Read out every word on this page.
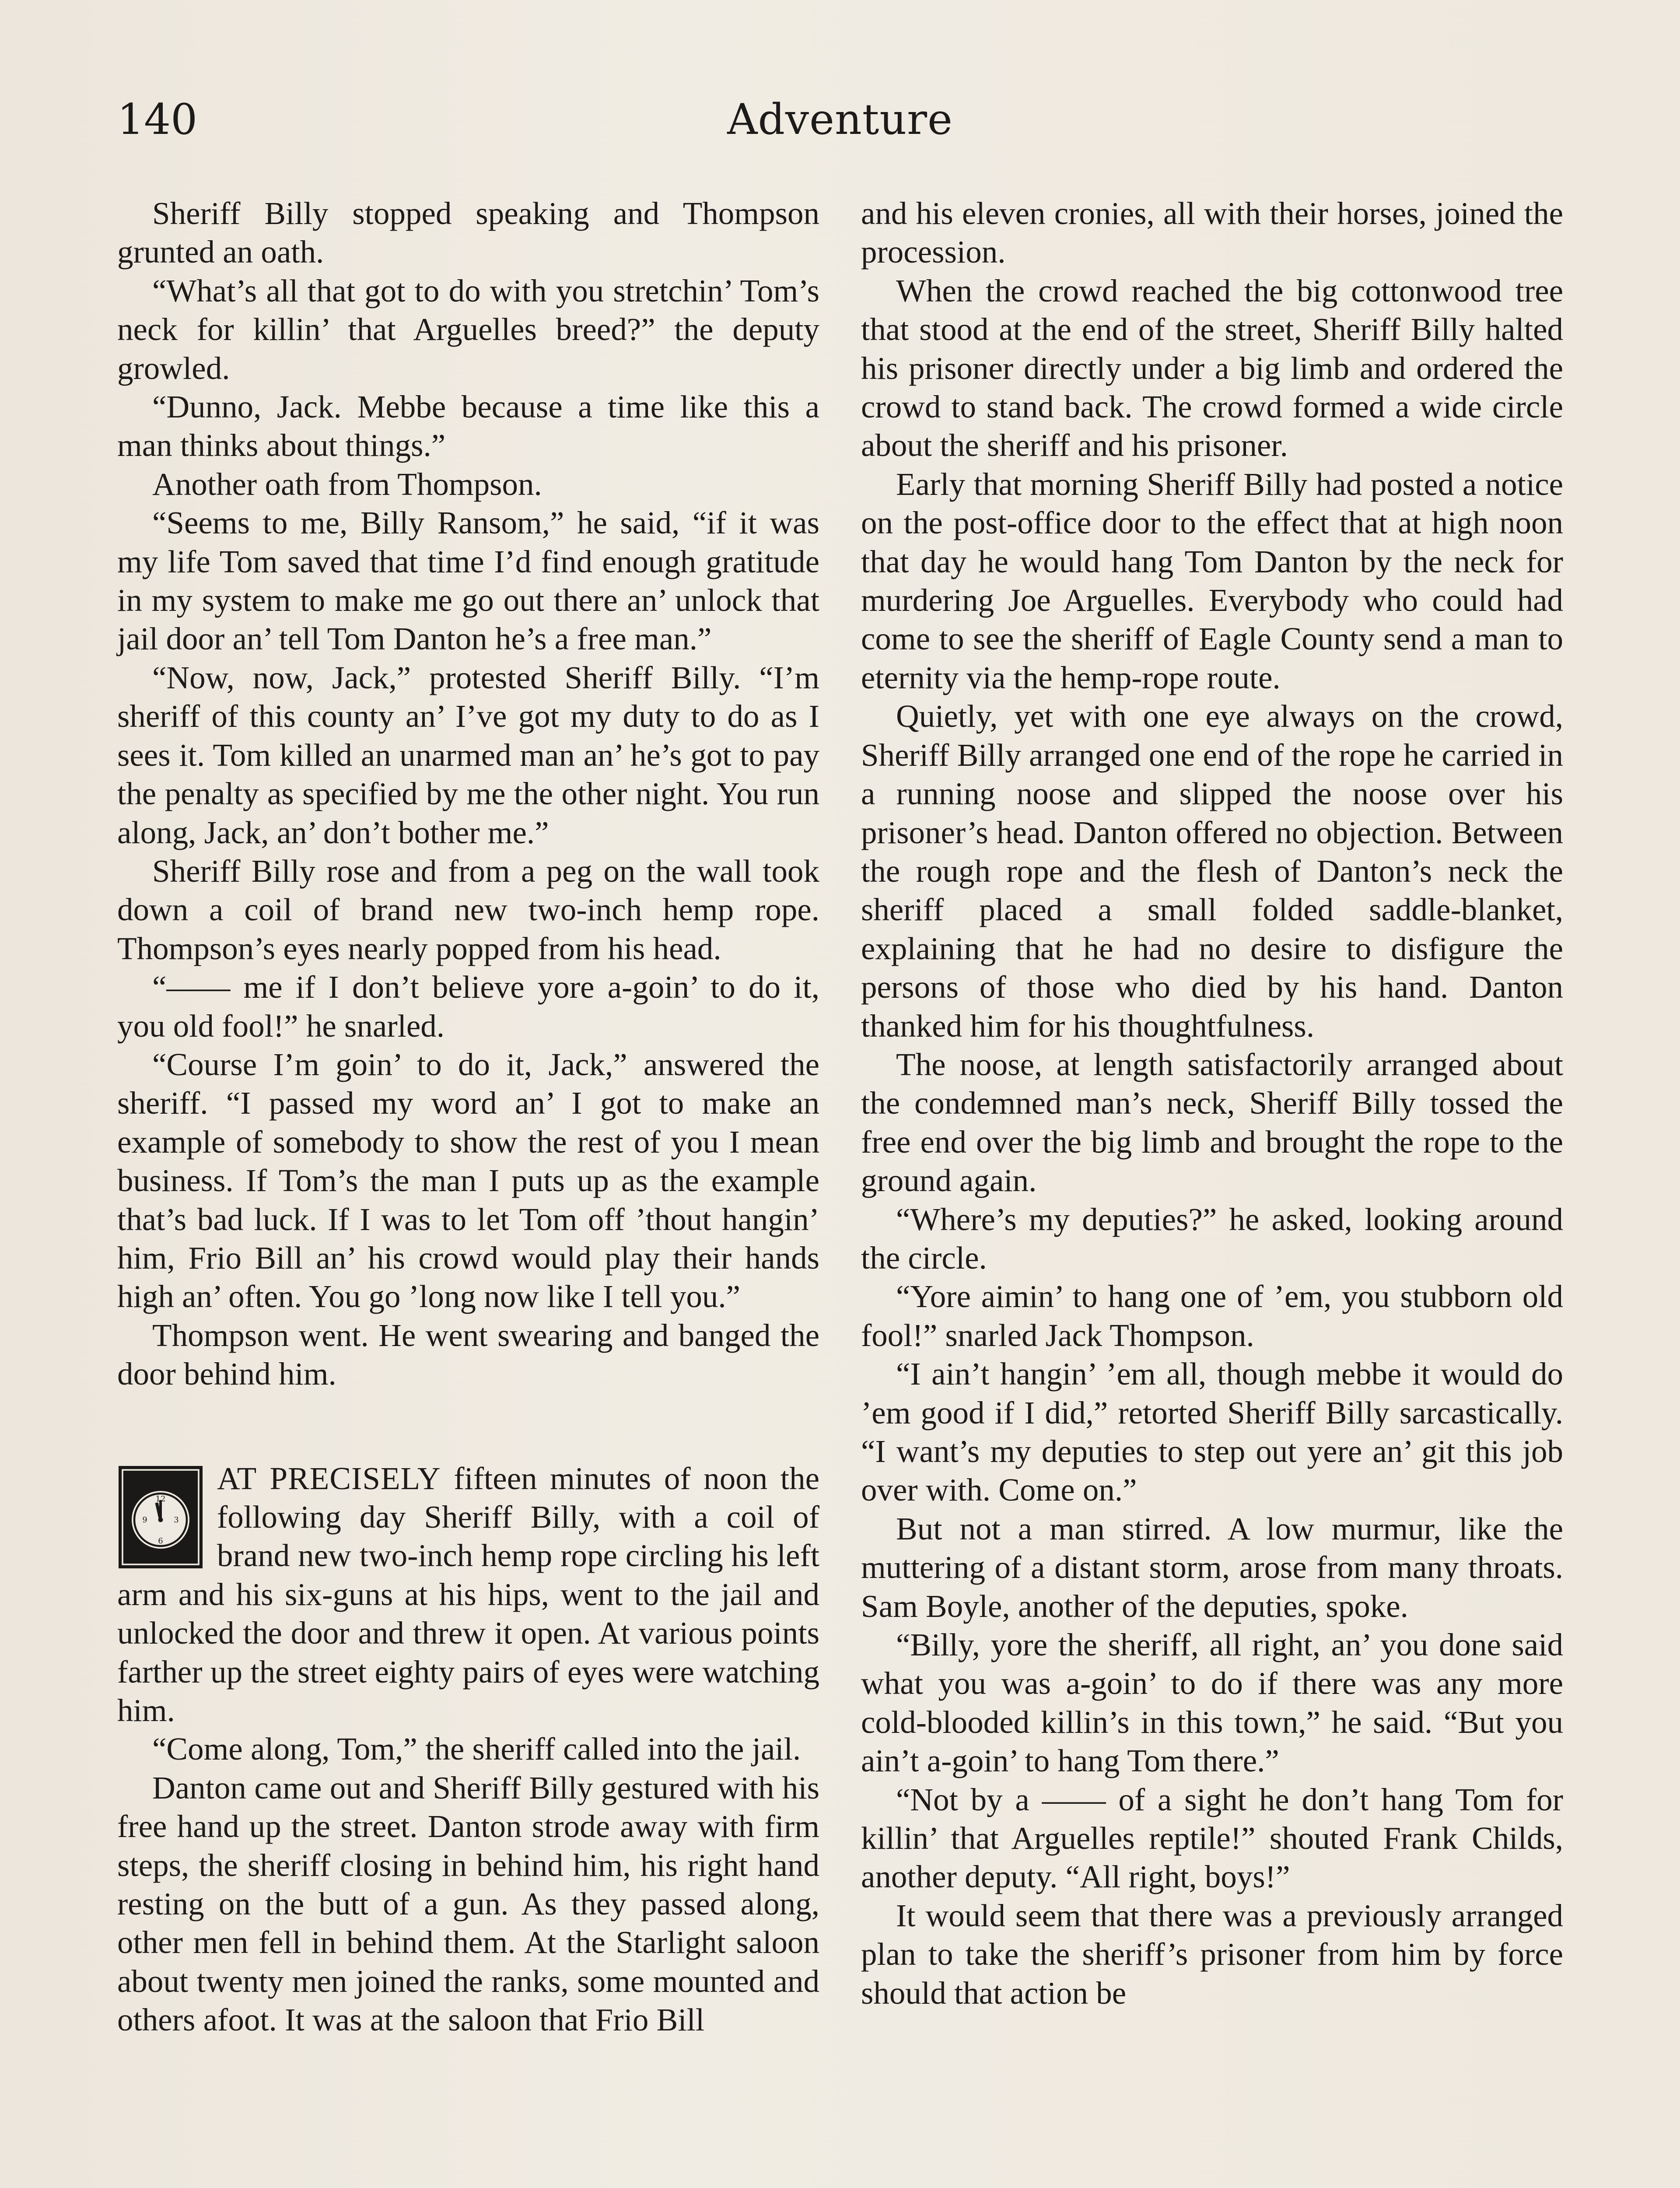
140	Adventure

Sheriff Billy stopped speaking and Thompson grunted an oath.

“What’s all that got to do with you stretchin’ Tom’s neck for killin’ that Arguelles breed?” the deputy growled.

“Dunno, Jack. Mebbe because a time like this a man thinks about things.”

Another oath from Thompson.

“Seems to me, Billy Ransom,” he said, “if it was my life Tom saved that time I’d find enough gratitude in my system to make me go out there an’ unlock that jail door an’ tell Tom Danton he’s a free man.”

“Now, now, Jack,” protested Sheriff Billy. “I’m sheriff of this county an’ I’ve got my duty to do as I sees it. Tom killed an unarmed man an’ he’s got to pay the penalty as specified by me the other night. You run along, Jack, an’ don’t bother me.”

Sheriff Billy rose and from a peg on the wall took down a coil of brand new two-inch hemp rope. Thompson’s eyes nearly popped from his head.

“—— me if I don’t believe yore a-goin’ to do it, you old fool!” he snarled.

“Course I’m goin’ to do it, Jack,” answered the sheriff. “I passed my word an’ I got to make an example of somebody to show the rest of you I mean business. If Tom’s the man I puts up as the example that’s bad luck. If I was to let Tom off ’thout hangin’ him, Frio Bill an’ his crowd would play their hands high an’ often. You go ’long now like I tell you.”

Thompson went. He went swearing and banged the door behind him.

12
3
6
9
AT PRECISELY fifteen minutes of noon the following day Sheriff Billy, with a coil of brand new two-inch hemp rope circling his left arm and his six-guns at his hips, went to the jail and unlocked the door and threw it open. At various points farther up the street eighty pairs of eyes were watching him.

“Come along, Tom,” the sheriff called into the jail.

Danton came out and Sheriff Billy gestured with his free hand up the street. Danton strode away with firm steps, the sheriff closing in behind him, his right hand resting on the butt of a gun. As they passed along, other men fell in behind them. At the Starlight saloon about twenty men joined the ranks, some mounted and others afoot. It was at the saloon that Frio Bill

and his eleven cronies, all with their horses, joined the procession.

When the crowd reached the big cottonwood tree that stood at the end of the street, Sheriff Billy halted his prisoner directly under a big limb and ordered the crowd to stand back. The crowd formed a wide circle about the sheriff and his prisoner.

Early that morning Sheriff Billy had posted a notice on the post-office door to the effect that at high noon that day he would hang Tom Danton by the neck for murdering Joe Arguelles. Everybody who could had come to see the sheriff of Eagle County send a man to eternity via the hemp-rope route.

Quietly, yet with one eye always on the crowd, Sheriff Billy arranged one end of the rope he carried in a running noose and slipped the noose over his prisoner’s head. Danton offered no objection. Between the rough rope and the flesh of Danton’s neck the sheriff placed a small folded saddle-blanket, explaining that he had no desire to disfigure the persons of those who died by his hand. Danton thanked him for his thoughtfulness.

The noose, at length satisfactorily arranged about the condemned man’s neck, Sheriff Billy tossed the free end over the big limb and brought the rope to the ground again.

“Where’s my deputies?” he asked, looking around the circle.

“Yore aimin’ to hang one of ’em, you stubborn old fool!” snarled Jack Thompson.

“I ain’t hangin’ ’em all, though mebbe it would do ’em good if I did,” retorted Sheriff Billy sarcastically. “I want’s my deputies to step out yere an’ git this job over with. Come on.”

But not a man stirred. A low murmur, like the muttering of a distant storm, arose from many throats. Sam Boyle, another of the deputies, spoke.

“Billy, yore the sheriff, all right, an’ you done said what you was a-goin’ to do if there was any more cold-blooded killin’s in this town,” he said. “But you ain’t a-goin’ to hang Tom there.”

“Not by a —— of a sight he don’t hang Tom for killin’ that Arguelles reptile!” shouted Frank Childs, another deputy. “All right, boys!”

It would seem that there was a previously arranged plan to take the sheriff’s prisoner from him by force should that action be
